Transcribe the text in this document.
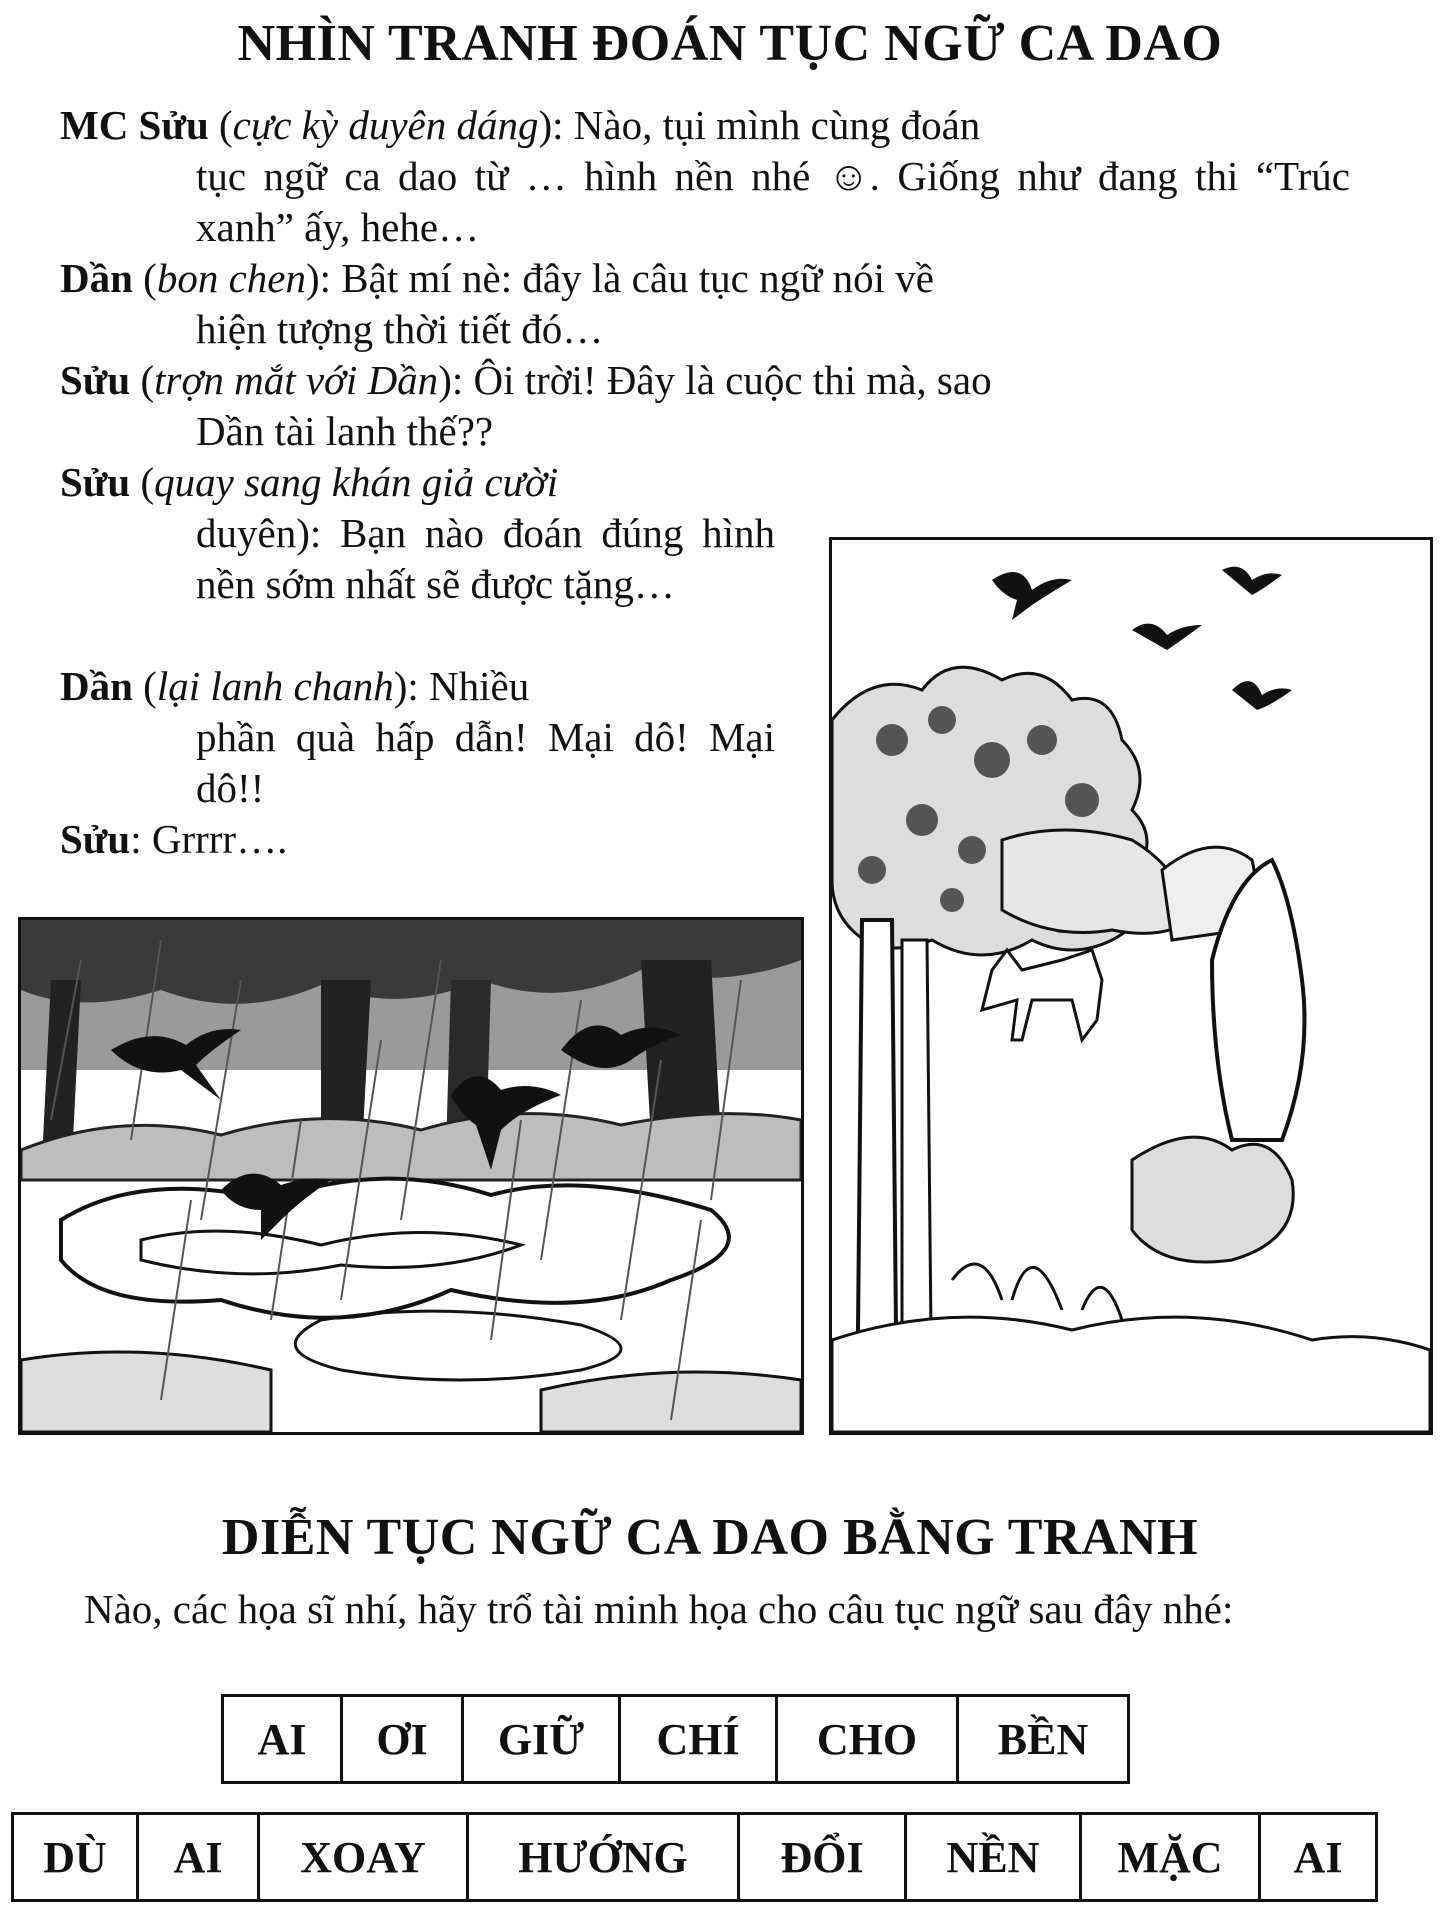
NHÌN TRANH ĐOÁN TỤC NGỮ CA DAO
MC Sửu (cực kỳ duyên dáng): Nào, tụi mình cùng đoán
tục ngữ ca dao từ … hình nền nhé ☺. Giống như đang thi “Trúc xanh” ấy, hehe…
Dần (bon chen): Bật mí nè: đây là câu tục ngữ nói về
hiện tượng thời tiết đó…
Sửu (trợn mắt với Dần): Ôi trời! Đây là cuộc thi mà, sao
Dần tài lanh thế??
Sửu (quay sang khán giả cười
duyên): Bạn nào đoán đúng hình nền sớm nhất sẽ được tặng…
Dần (lại lanh chanh): Nhiều
phần quà hấp dẫn! Mại dô! Mại dô!!
Sửu: Grrrr….
DIỄN TỤC NGỮ CA DAO BẰNG TRANH
Nào, các họa sĩ nhí, hãy trổ tài minh họa cho câu tục ngữ sau đây nhé:
AI	ƠI	GIỮ	CHÍ	CHO	BỀN
DÙ	AI	XOAY	HƯỚNG	ĐỔI	NỀN	MẶC	AI
